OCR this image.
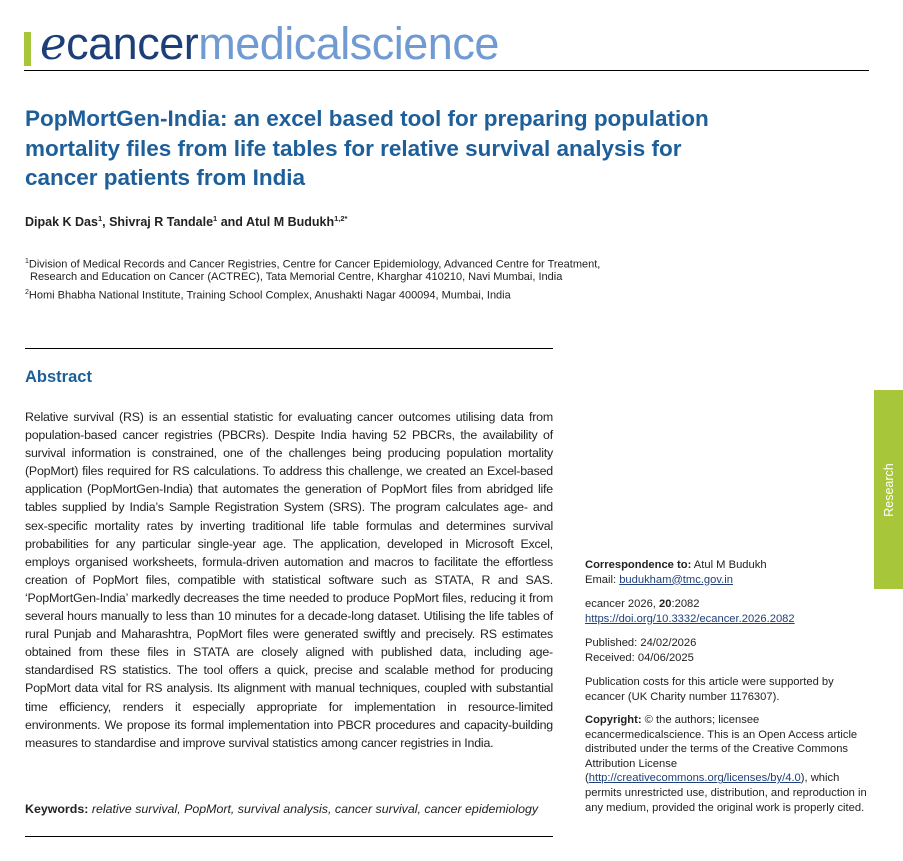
ecancermedicalscience
PopMortGen-India: an excel based tool for preparing population mortality files from life tables for relative survival analysis for cancer patients from India
Dipak K Das$^1$, Shivraj R Tandale$^1$ and Atul M Budukh$^{1,2*}$
$^1$Division of Medical Records and Cancer Registries, Centre for Cancer Epidemiology, Advanced Centre for Treatment,
Research and Education on Cancer (ACTREC), Tata Memorial Centre, Kharghar 410210, Navi Mumbai, India
$^2$Homi Bhabha National Institute, Training School Complex, Anushakti Nagar 400094, Mumbai, India
Abstract
Relative survival (RS) is an essential statistic for evaluating cancer outcomes utilising data from population-based cancer registries (PBCRs). Despite India having 52 PBCRs, the availability of survival information is constrained, one of the challenges being producing population mortality (PopMort) files required for RS calculations. To address this challenge, we created an Excel-based application (PopMortGen-India) that automates the generation of PopMort files from abridged life tables supplied by India’s Sample Registration System (SRS). The program calculates age- and sex-specific mortality rates by inverting traditional life table formulas and determines survival probabilities for any particular single-year age. The application, developed in Microsoft Excel, employs organised worksheets, formula-driven automation and macros to facilitate the effortless creation of PopMort files, compatible with statistical software such as STATA, R and SAS. ‘PopMortGen-India’ markedly decreases the time needed to produce PopMort files, reducing it from several hours manually to less than 10 minutes for a decade-long dataset. Utilising the life tables of rural Punjab and Maharashtra, PopMort files were generated swiftly and precisely. RS estimates obtained from these files in STATA are closely aligned with published data, including age-standardised RS statistics. The tool offers a quick, precise and scalable method for producing PopMort data vital for RS analysis. Its alignment with manual techniques, coupled with substantial time efficiency, renders it especially appropriate for implementation in resource-limited environments. We propose its formal implementation into PBCR procedures and capacity-building measures to standardise and improve survival statistics among cancer registries in India.
Keywords: relative survival, PopMort, survival analysis, cancer survival, cancer epidemiology
Research
Correspondence to: Atul M Budukh
Email: budukham@tmc.gov.in
ecancer 2026, 20:2082
https://doi.org/10.3332/ecancer.2026.2082
Published: 24/02/2026
Received: 04/06/2025
Publication costs for this article were supported by ecancer (UK Charity number 1176307).
Copyright: © the authors; licensee ecancermedicalscience. This is an Open Access article distributed under the terms of the Creative Commons Attribution License (http://creativecommons.org/licenses/by/4.0), which permits unrestricted use, distribution, and reproduction in any medium, provided the original work is properly cited.
